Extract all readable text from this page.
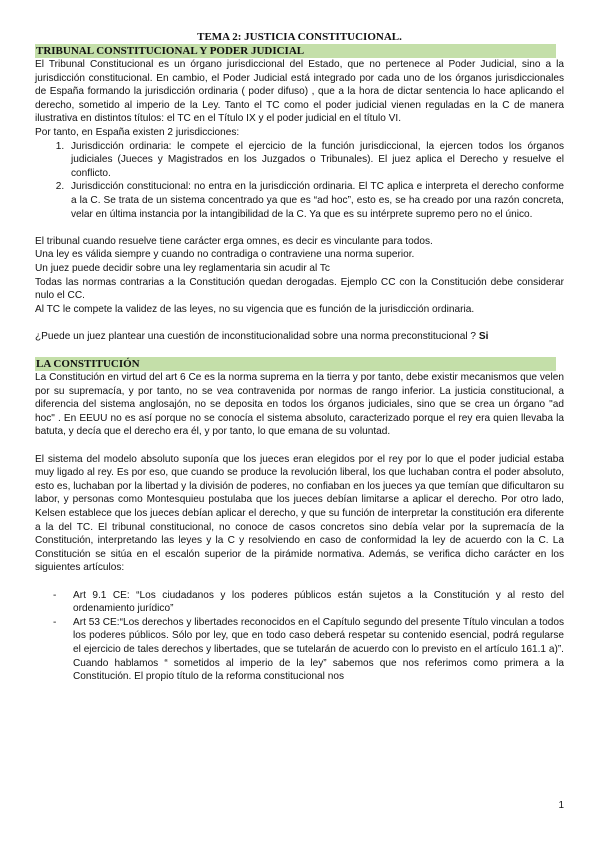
TEMA 2: JUSTICIA CONSTITUCIONAL.
TRIBUNAL CONSTITUCIONAL Y PODER JUDICIAL

El Tribunal Constitucional es un órgano jurisdiccional del Estado, que no pertenece al Poder Judicial, sino a la jurisdicción constitucional. En cambio, el Poder Judicial está integrado por cada uno de los órganos jurisdiccionales de España formando la jurisdicción ordinaria ( poder difuso) , que a la hora de dictar sentencia lo hace aplicando el derecho, sometido al imperio de la Ley. Tanto el TC como el poder judicial vienen reguladas en la C de manera ilustrativa en distintos títulos: el TC en el Título IX y el poder judicial en el título VI.

Por tanto, en España existen 2 jurisdicciones:

1. Jurisdicción ordinaria: le compete el ejercicio de la función jurisdiccional, la ejercen todos los órganos judiciales (Jueces y Magistrados en los Juzgados o Tribunales). El juez aplica el Derecho y resuelve el conflicto.
2. Jurisdicción constitucional: no entra en la jurisdicción ordinaria. El TC aplica e interpreta el derecho conforme a la C. Se trata de un sistema concentrado ya que es “ad hoc”, esto es, se ha creado por una razón concreta, velar en última instancia por la intangibilidad de la C. Ya que es su intérprete supremo pero no el único.

El tribunal cuando resuelve tiene carácter erga omnes, es decir es vinculante para todos.

Una ley es válida siempre y cuando no contradiga o contraviene una norma superior.

Un juez puede decidir sobre una ley reglamentaria sin acudir al Tc

Todas las normas contrarias a la Constitución quedan derogadas. Ejemplo CC con la Constitución debe considerar nulo el CC.

Al TC le compete la validez de las leyes, no su vigencia que es función de la jurisdicción ordinaria.

¿Puede un juez plantear una cuestión de inconstitucionalidad sobre una norma preconstitucional ? Si

LA CONSTITUCIÓN

La Constitución en virtud del art 6 Ce es la norma suprema en la tierra y por tanto, debe existir mecanismos que velen por su supremacía, y por tanto, no se vea contravenida por normas de rango inferior. La justicia constitucional, a diferencia del sistema anglosajón, no se deposita en todos los órganos judiciales, sino que se crea un órgano "ad hoc" . En EEUU no es así porque no se conocía el sistema absoluto, caracterizado porque el rey era quien llevaba la batuta, y decía que el derecho era él, y por tanto, lo que emana de su voluntad.

El sistema del modelo absoluto suponía que los jueces eran elegidos por el rey por lo que el poder judicial estaba muy ligado al rey. Es por eso, que cuando se produce la revolución liberal, los que luchaban contra el poder absoluto, esto es, luchaban por la libertad y la división de poderes, no confiaban en los jueces ya que temían que dificultaron su labor, y personas como Montesquieu postulaba que los jueces debían limitarse a aplicar el derecho. Por otro lado, Kelsen establece que los jueces debían aplicar el derecho, y que su función de interpretar la constitución era diferente a la del TC. El tribunal constitucional, no conoce de casos concretos sino debía velar por la supremacía de la Constitución, interpretando las leyes y la C y resolviendo en caso de conformidad la ley de acuerdo con la C. La Constitución se sitúa en el escalón superior de la pirámide normativa. Además, se verifica dicho carácter en los siguientes artículos:

- Art 9.1 CE: “Los ciudadanos y los poderes públicos están sujetos a la Constitución y al resto del ordenamiento jurídico”
- Art 53 CE:“Los derechos y libertades reconocidos en el Capítulo segundo del presente Título vinculan a todos los poderes públicos. Sólo por ley, que en todo caso deberá respetar su contenido esencial, podrá regularse el ejercicio de tales derechos y libertades, que se tutelarán de acuerdo con lo previsto en el artículo 161.1 a)”. Cuando hablamos “ sometidos al imperio de la ley” sabemos que nos referimos como primera a la Constitución. El propio título de la reforma constitucional nos
1
